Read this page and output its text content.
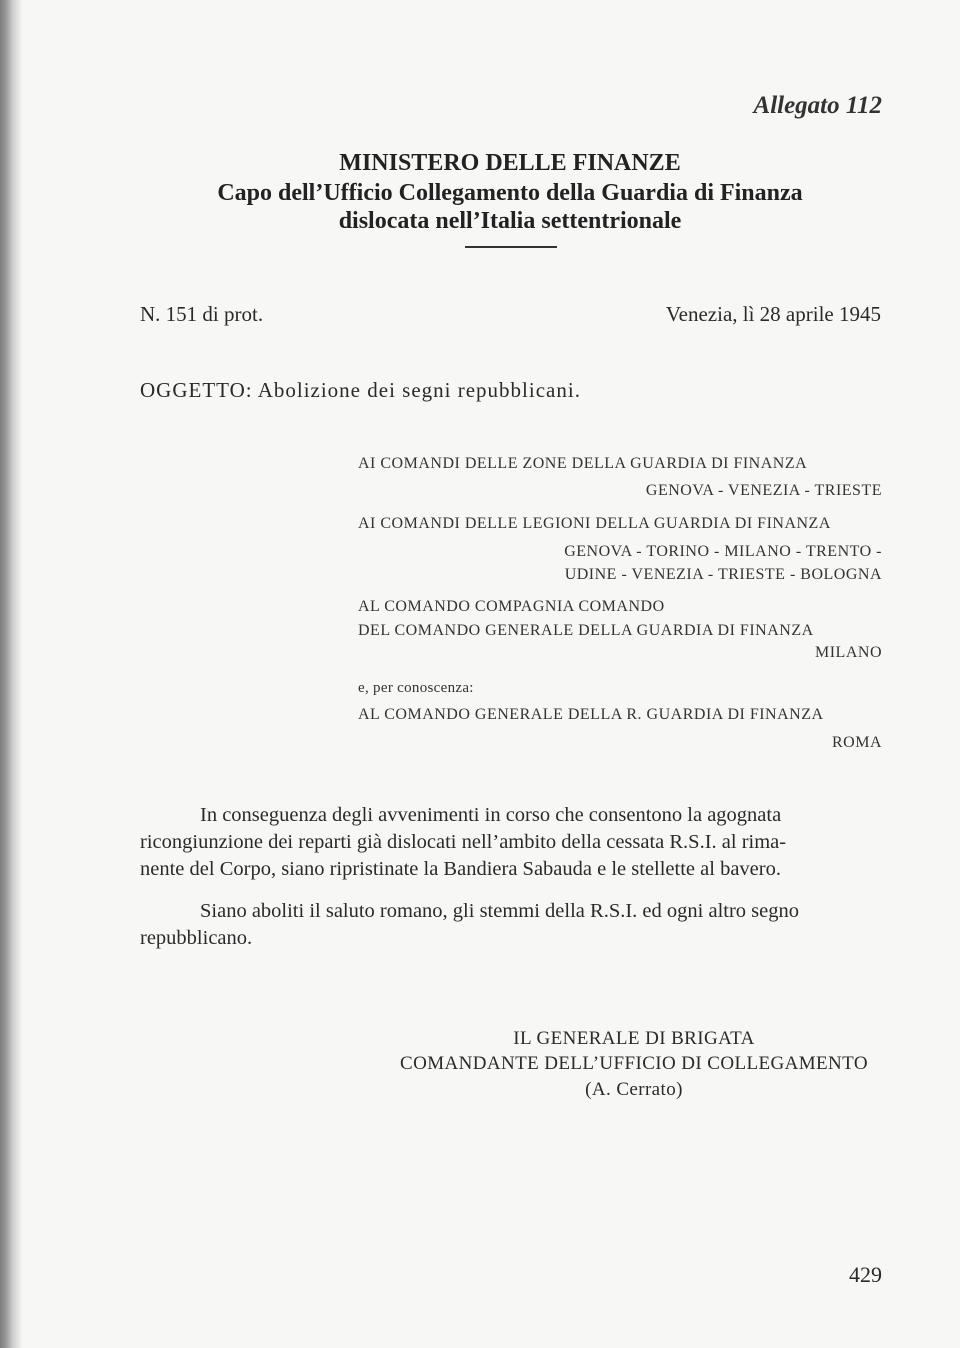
Allegato 112
MINISTERO DELLE FINANZE
Capo dell’Ufficio Collegamento della Guardia di Finanza
dislocata nell’Italia settentrionale
N. 151 di prot.	Venezia, lì 28 aprile 1945
OGGETTO: Abolizione dei segni repubblicani.
AI COMANDI DELLE ZONE DELLA GUARDIA DI FINANZA
GENOVA - VENEZIA - TRIESTE
AI COMANDI DELLE LEGIONI DELLA GUARDIA DI FINANZA
GENOVA - TORINO - MILANO - TRENTO -
UDINE - VENEZIA - TRIESTE - BOLOGNA
AL COMANDO COMPAGNIA COMANDO
DEL COMANDO GENERALE DELLA GUARDIA DI FINANZA
MILANO
e, per conoscenza:
AL COMANDO GENERALE DELLA R. GUARDIA DI FINANZA
ROMA
In conseguenza degli avvenimenti in corso che consentono la agognata
ricongiunzione dei reparti già dislocati nell’ambito della cessata R.S.I. al rima-
nente del Corpo, siano ripristinate la Bandiera Sabauda e le stellette al bavero.
Siano aboliti il saluto romano, gli stemmi della R.S.I. ed ogni altro segno
repubblicano.
IL GENERALE DI BRIGATA
COMANDANTE DELL’UFFICIO DI COLLEGAMENTO
(A. Cerrato)
429
